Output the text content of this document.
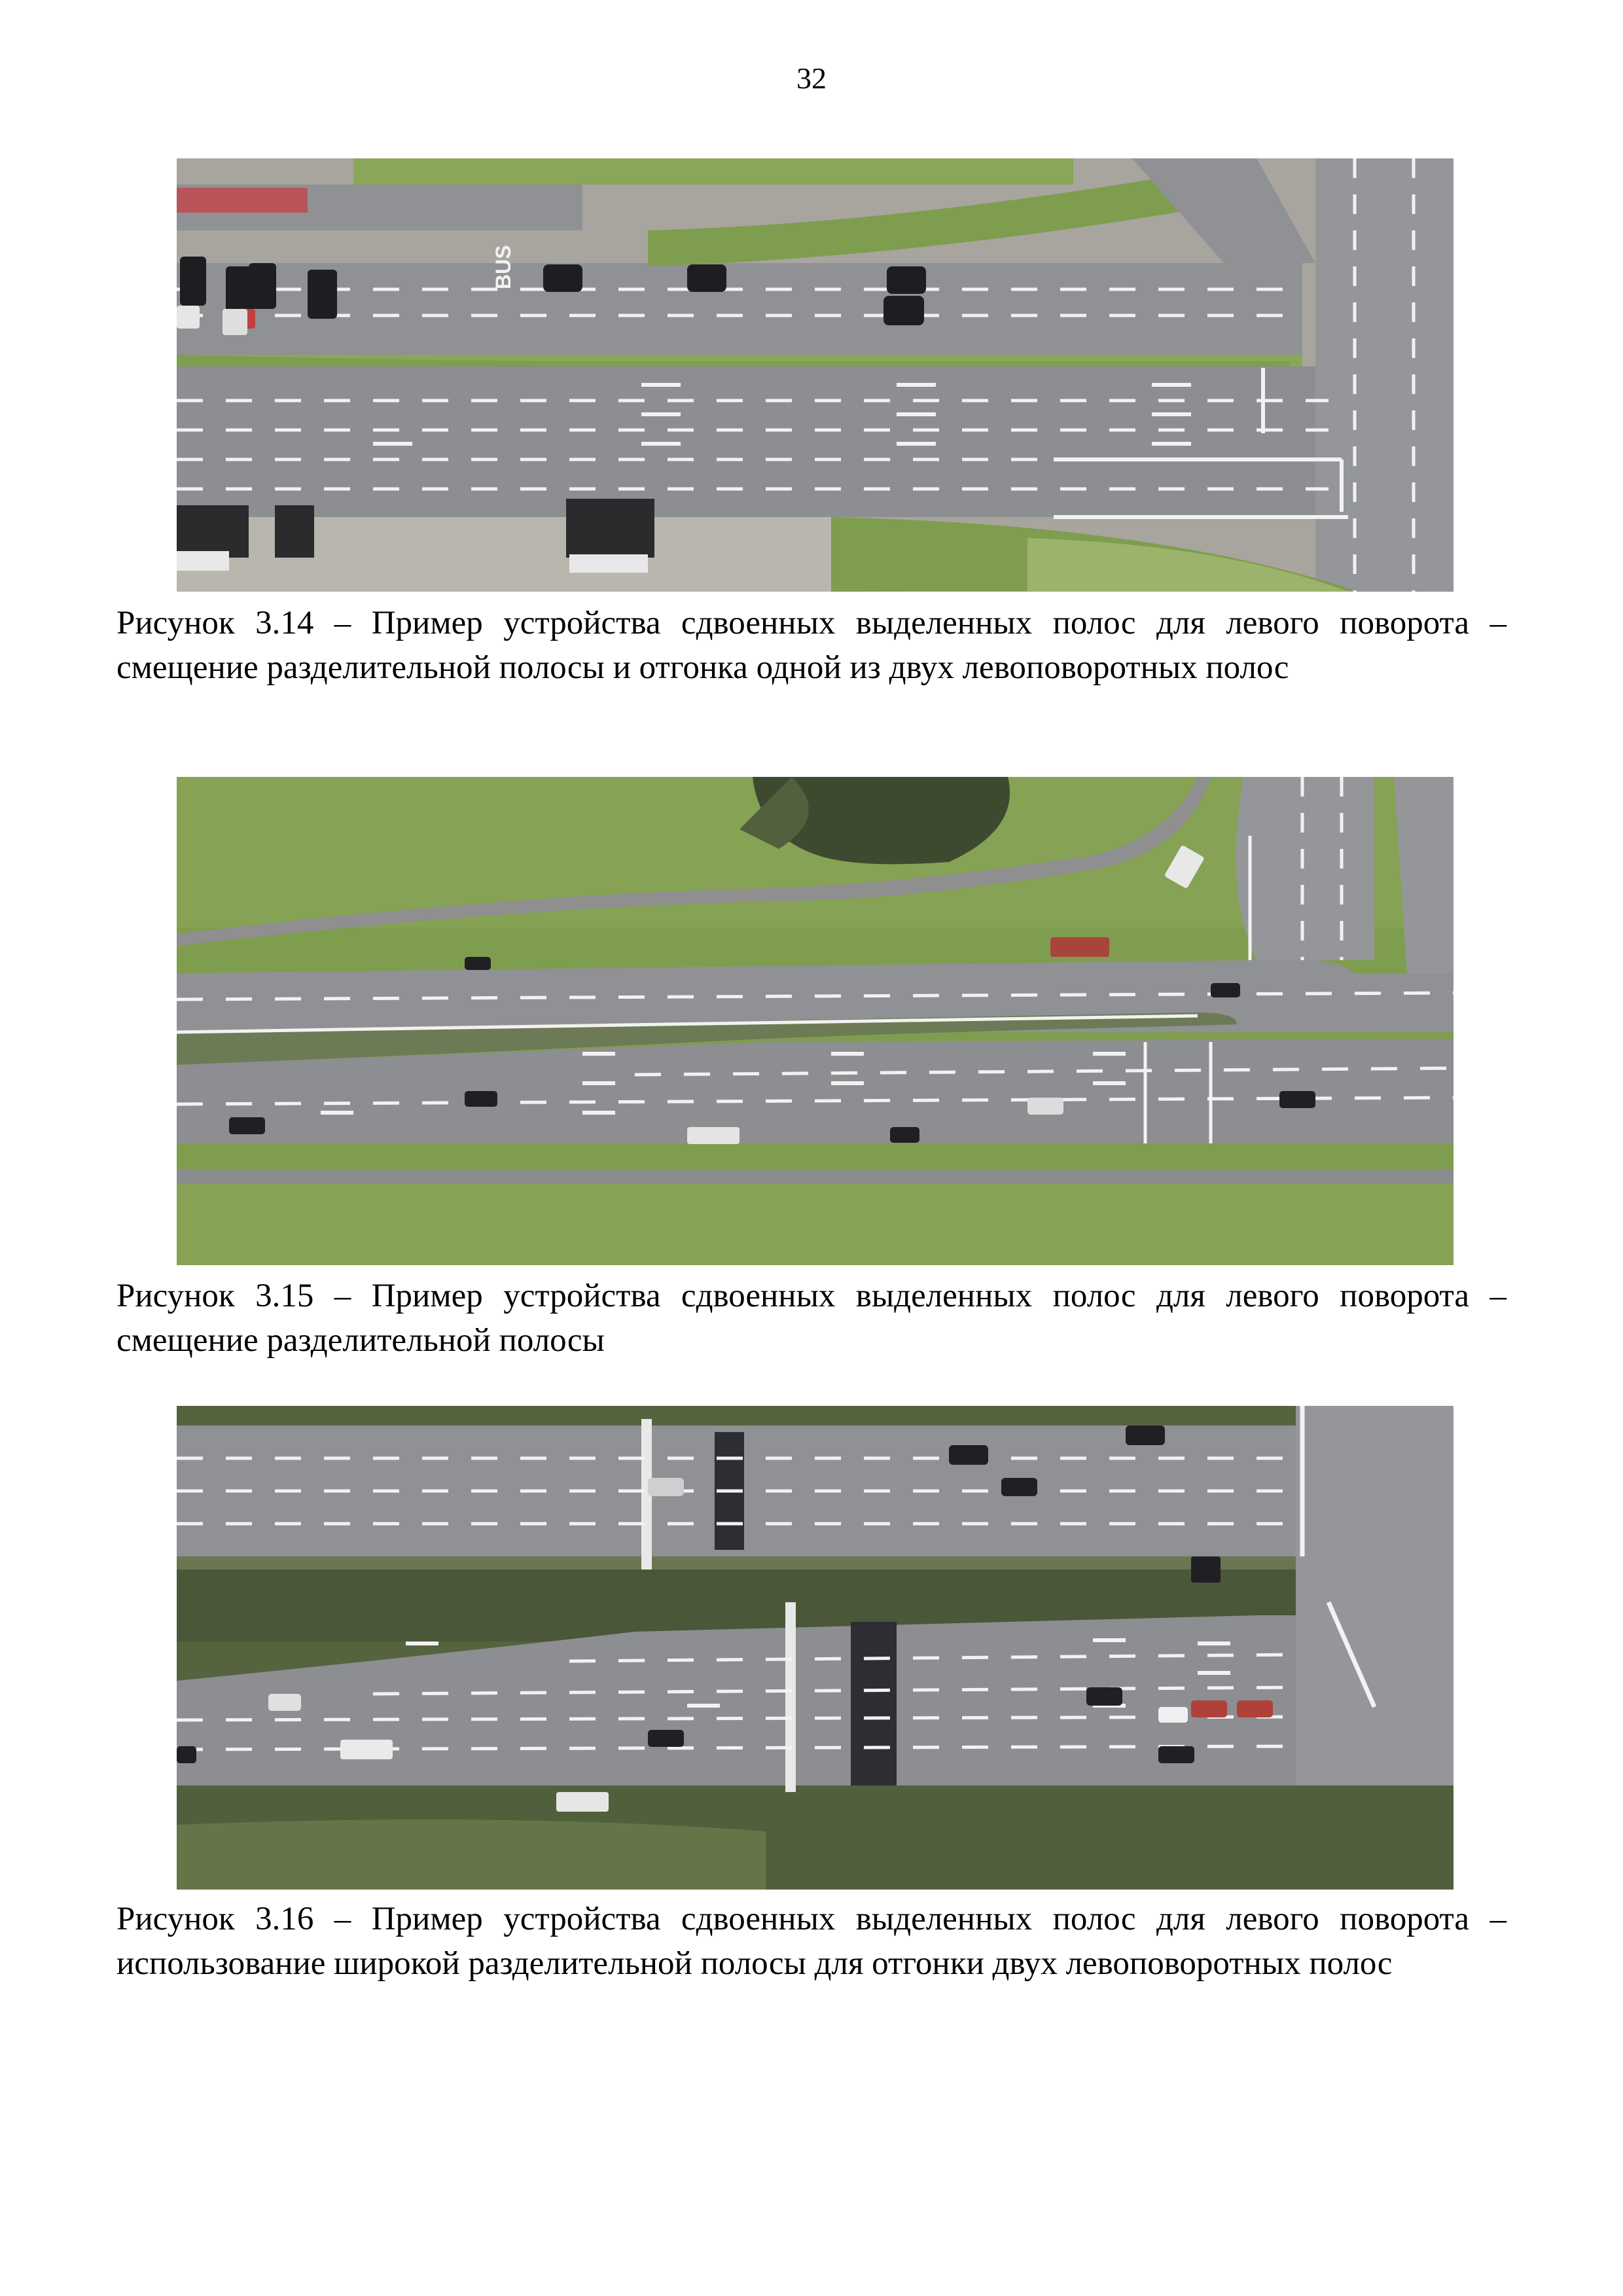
32
BUS
Рисунок 3.14 – Пример устройства сдвоенных выделенных полос для левого поворота – смещение разделительной полосы и отгонка одной из двух левоповоротных полос
Рисунок 3.15 – Пример устройства сдвоенных выделенных полос для левого поворота – смещение разделительной полосы
Рисунок 3.16 – Пример устройства сдвоенных выделенных полос для левого поворота – использование широкой разделительной полосы для отгонки двух левоповоротных полос
